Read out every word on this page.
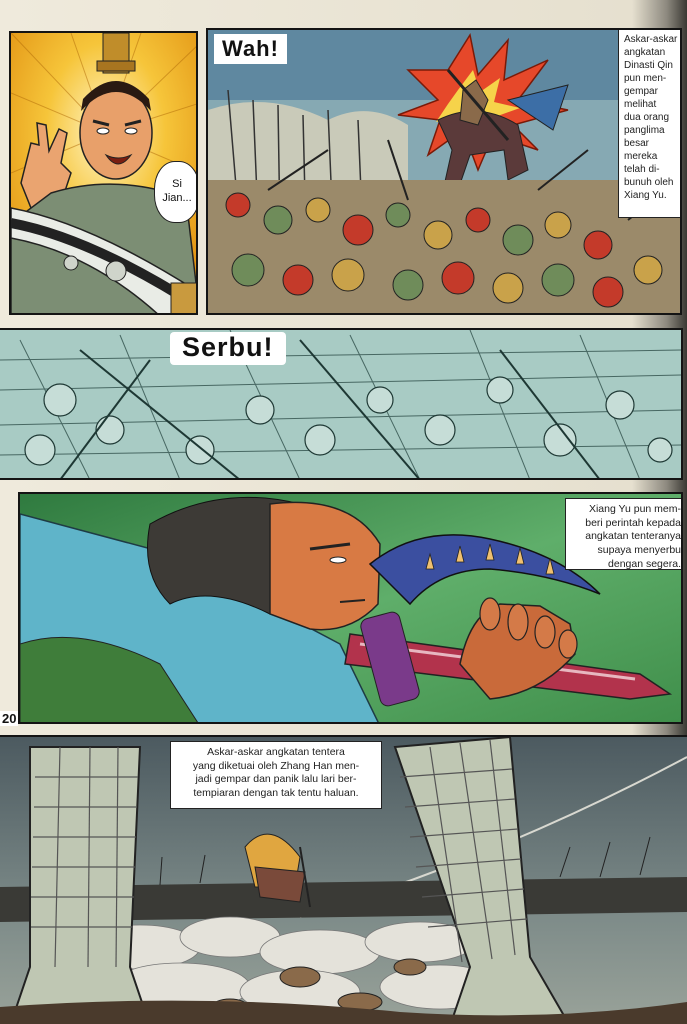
Si Jian...
Wah!	Askar-askar
angkatan
Dinasti Qin
pun men-
gempar
melihat
dua orang
panglima
besar
mereka
telah di-
bunuh oleh
Xiang Yu.
Serbu!
Xiang Yu pun mem-
beri perintah kepada
angkatan tenteranya
supaya menyerbu
dengan segera.
20
Askar-askar angkatan tentera
yang diketuai oleh Zhang Han men-
jadi gempar dan panik lalu lari ber-
tempiaran dengan tak tentu haluan.
